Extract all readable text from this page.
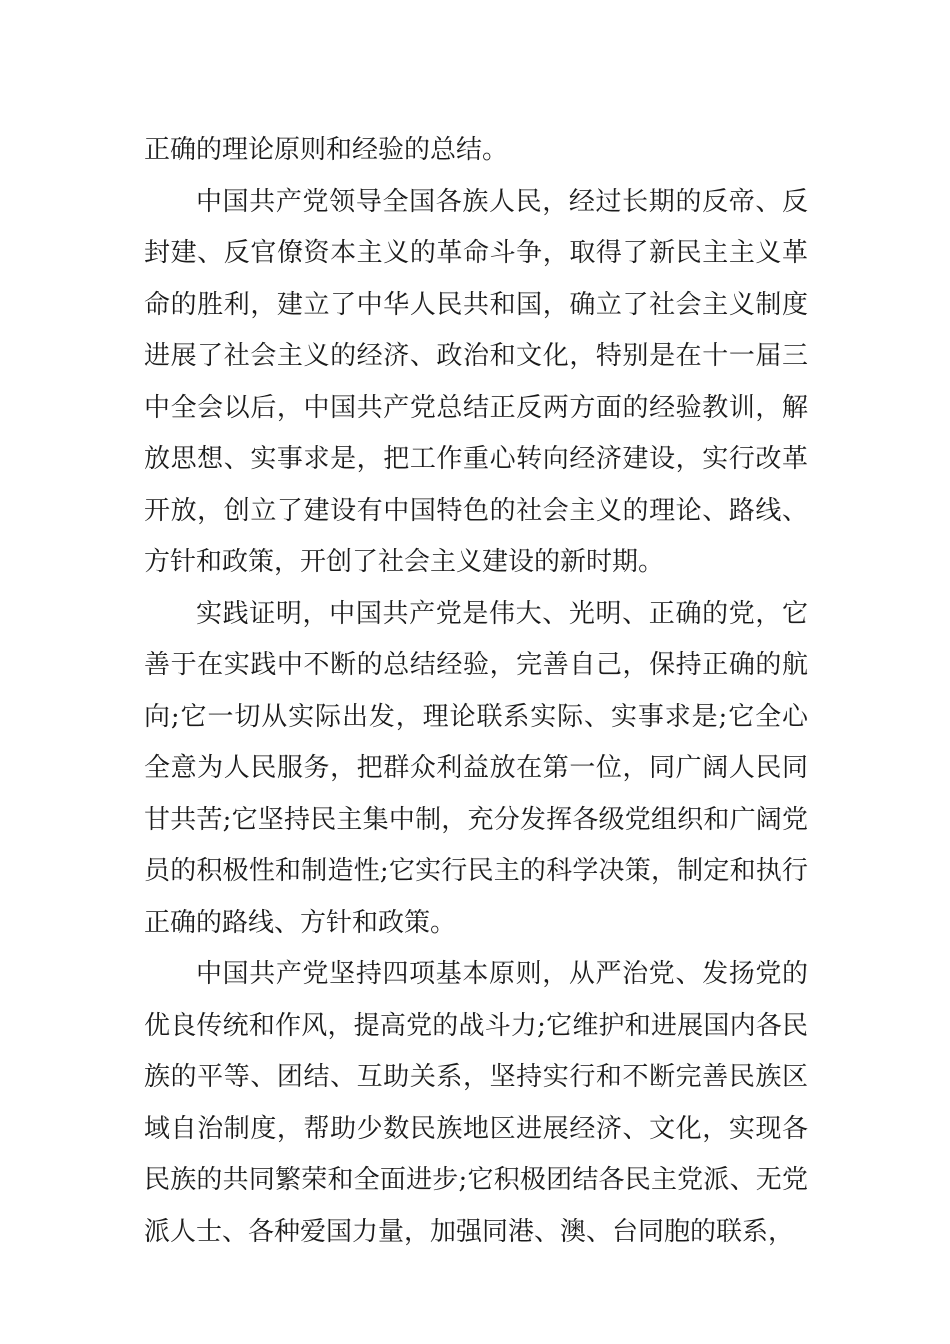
正确的理论原则和经验的总结。

中国共产党领导全国各族人民，经过长期的反帝、反封建、反官僚资本主义的革命斗争，取得了新民主主义革命的胜利，建立了中华人民共和国，确立了社会主义制度进展了社会主义的经济、政治和文化，特别是在十一届三中全会以后，中国共产党总结正反两方面的经验教训，解放思想、实事求是，把工作重心转向经济建设，实行改革开放，创立了建设有中国特色的社会主义的理论、路线、方针和政策，开创了社会主义建设的新时期。

实践证明，中国共产党是伟大、光明、正确的党，它善于在实践中不断的总结经验，完善自己，保持正确的航向;它一切从实际出发，理论联系实际、实事求是;它全心全意为人民服务，把群众利益放在第一位，同广阔人民同甘共苦;它坚持民主集中制，充分发挥各级党组织和广阔党员的积极性和制造性;它实行民主的科学决策，制定和执行正确的路线、方针和政策。

中国共产党坚持四项基本原则，从严治党、发扬党的优良传统和作风，提高党的战斗力;它维护和进展国内各民族的平等、团结、互助关系，坚持实行和不断完善民族区域自治制度，帮助少数民族地区进展经济、文化，实现各民族的共同繁荣和全面进步;它积极团结各民主党派、无党派人士、各种爱国力量，加强同港、澳、台同胞的联系，
